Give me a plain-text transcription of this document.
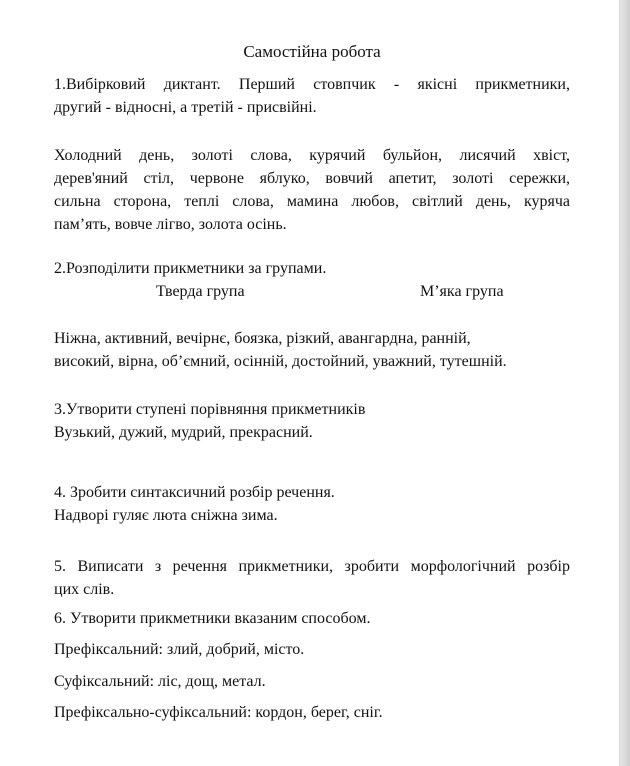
Самостійна робота
1.Вибірковий диктант. Перший стовпчик - якісні прикметники,
другий - відносні, а третій - присвійні.
Холодний день, золоті слова, курячий бульйон, лисячий хвіст,
дерев'яний стіл, червоне яблуко, вовчий апетит, золоті сережки,
сильна сторона, теплі слова, мамина любов, світлий день, куряча
пам’ять, вовче лігво, золота осінь.
2.Розподілити прикметники за групами.
Тверда група	М’яка група
Ніжна, активний, вечірнє, боязка, різкий, авангардна, ранній,
високий, вірна, об’ємний, осінній, достойний, уважний, тутешній.
3.Утворити ступені порівняння прикметників
Вузький, дужий, мудрий, прекрасний.
4. Зробити синтаксичний розбір речення.
Надворі гуляє люта сніжна зима.
5. Виписати з речення прикметники, зробити морфологічний розбір
цих слів.
6. Утворити прикметники вказаним способом.
Префіксальний: злий, добрий, місто.
Суфіксальний: ліс, дощ, метал.
Префіксально-суфіксальний: кордон, берег, сніг.
